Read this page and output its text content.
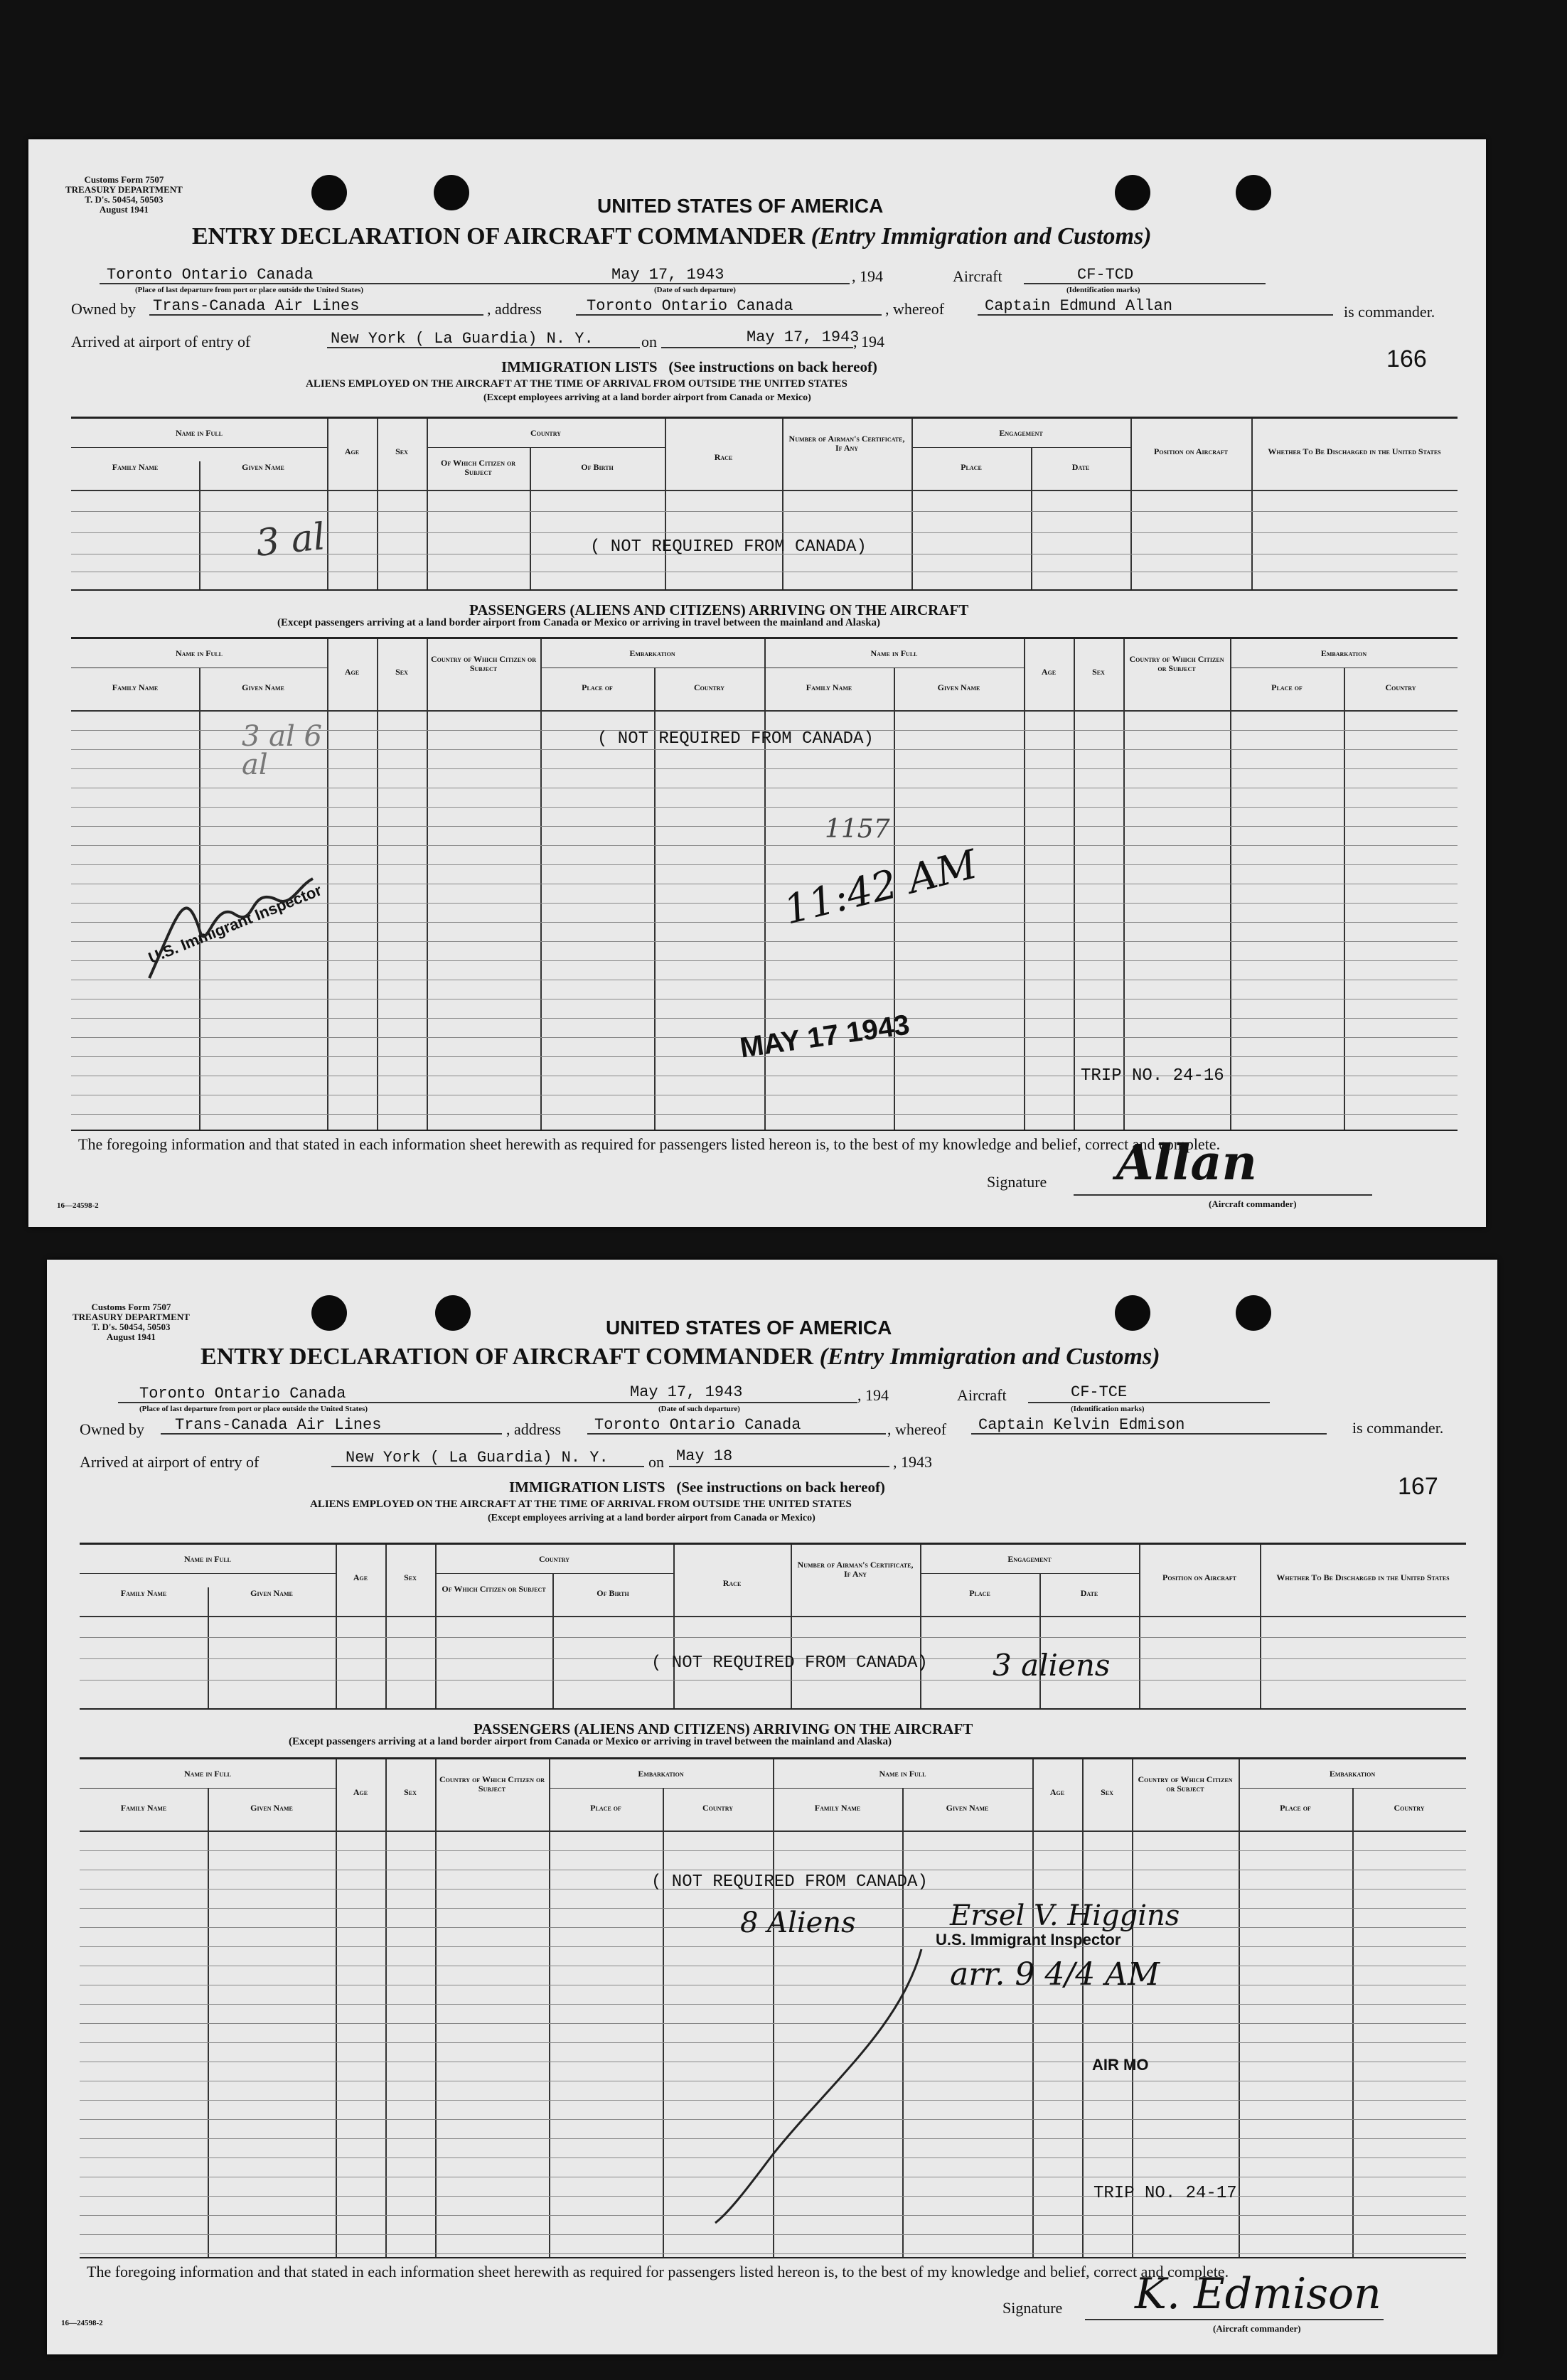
Customs Form 7507
TREASURY DEPARTMENT
T. D's. 50454, 50503
August 1941	UNITED STATES OF AMERICA
ENTRY DECLARATION OF AIRCRAFT COMMANDER (Entry Immigration and Customs)
Toronto Ontario Canada
(Place of last departure from port or place outside the United States)
May 17, 1943
(Date of such departure)
, 194	Aircraft	CF-TCD
(Identification marks)
Owned by Trans-Canada Air Lines	, address	Toronto Ontario Canada	, whereof	Captain Edmund Allan	is commander.
Arrived at airport of entry of	New York ( La Guardia) N. Y.	on	May 17, 1943
, 194
166
IMMIGRATION LISTS (See instructions on back hereof)
ALIENS EMPLOYED ON THE AIRCRAFT AT THE TIME OF ARRIVAL FROM OUTSIDE THE UNITED STATES
(Except employees arriving at a land border airport from Canada or Mexico)
Name in Full
Family Name	Given Name
Age	Sex
Country
Of Which Citizen or Subject	Of Birth
Race
Number of Airman's Certificate, If Any
Engagement
Place	Date
Position on Aircraft	Whether To Be Discharged in the United States
( NOT REQUIRED FROM CANADA)
3 al
PASSENGERS (ALIENS AND CITIZENS) ARRIVING ON THE AIRCRAFT
(Except passengers arriving at a land border airport from Canada or Mexico or arriving in travel between the mainland and Alaska)
Name in Full
Family Name	Given Name
Age	Sex
Country of Which Citizen or Subject
Embarkation
Place of	Country
Name in Full
Family Name	Given Name
Age	Sex
Country of Which Citizen or Subject
Embarkation
Place of	Country
( NOT REQUIRED FROM CANADA)
3 al 6 al
U.S. Immigrant Inspector	11:42 AM
1157
MAY 17 1943
TRIP NO. 24-16
The foregoing information and that stated in each information sheet herewith as required for passengers listed hereon is, to the best of my knowledge and belief, correct and complete.
Signature Allan
(Aircraft commander)
16—24598-2
Customs Form 7507
TREASURY DEPARTMENT
T. D's. 50454, 50503
August 1941	UNITED STATES OF AMERICA
ENTRY DECLARATION OF AIRCRAFT COMMANDER (Entry Immigration and Customs)
Toronto Ontario Canada
(Place of last departure from port or place outside the United States)
May 17, 1943
(Date of such departure)
, 194	Aircraft	CF-TCE
(Identification marks)
Owned by Trans-Canada Air Lines	, address Toronto Ontario Canada	, whereof Captain Kelvin Edmison	is commander.
Arrived at airport of entry of	New York ( La Guardia) N. Y.	on May 18	, 1943
167
IMMIGRATION LISTS (See instructions on back hereof)
ALIENS EMPLOYED ON THE AIRCRAFT AT THE TIME OF ARRIVAL FROM OUTSIDE THE UNITED STATES
(Except employees arriving at a land border airport from Canada or Mexico)
Name in Full
Family Name	Given Name
Age	Sex
Country
Of Which Citizen or Subject	Of Birth
Race
Number of Airman's Certificate, If Any
Engagement
Place	Date
Position on Aircraft	Whether To Be Discharged in the United States
( NOT REQUIRED FROM CANADA) 3 aliens
PASSENGERS (ALIENS AND CITIZENS) ARRIVING ON THE AIRCRAFT
(Except passengers arriving at a land border airport from Canada or Mexico or arriving in travel between the mainland and Alaska)
Name in Full
Family Name	Given Name
Age	Sex
Country of Which Citizen or Subject
Embarkation
Place of	Country
Name in Full
Family Name	Given Name
Age	Sex
Country of Which Citizen or Subject
Embarkation
Place of	Country
( NOT REQUIRED FROM CANADA)
8 Aliens	Ersel V. Higgins
U.S. Immigrant Inspector
arr. 9 4/4 AM
AIR MO
TRIP NO. 24-17
The foregoing information and that stated in each information sheet herewith as required for passengers listed hereon is, to the best of my knowledge and belief, correct and complete.
Signature K. Edmison
(Aircraft commander)
16—24598-2
